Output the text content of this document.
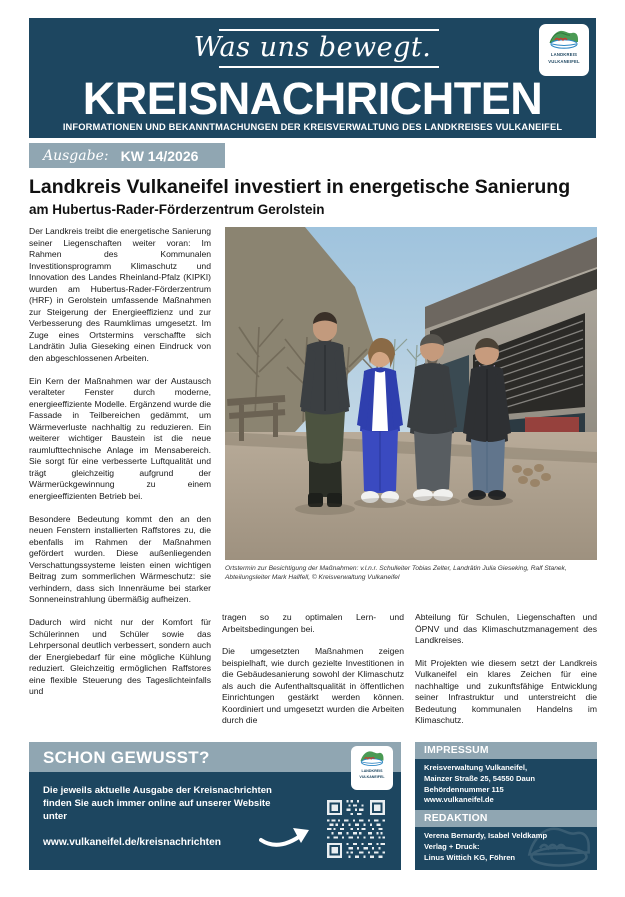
Was uns bewegt.
KREISNACHRICHTEN
INFORMATIONEN UND BEKANNTMACHUNGEN DER KREISVERWALTUNG DES LANDKREISES VULKANEIFEL
LANDKREIS
VULKANEIFEL
Ausgabe: KW 14/2026
Landkreis Vulkaneifel investiert in energetische Sanierung
am Hubertus-Rader-Förderzentrum Gerolstein
Ortstermin zur Besichtigung der Maßnahmen: v.l.n.r. Schulleiter Tobias Zelter, Landrätin Julia Gieseking, Ralf Stanek, Abteilungsleiter Mark Hallfell, © Kreisverwaltung Vulkaneifel

Der Landkreis treibt die energetische Sanierung seiner Liegenschaften weiter voran: Im Rahmen des Kommunalen Investitionsprogramm Klimaschutz und Innovation des Landes Rheinland-Pfalz (KIPKI) wurden am Hubertus-Rader-Förderzentrum (HRF) in Gerolstein umfassende Maßnahmen zur Steigerung der Energieeffizienz und zur Verbesserung des Raumklimas umgesetzt. Im Zuge eines Ortstermins verschaffte sich Landrätin Julia Gieseking einen Eindruck von den abgeschlossenen Arbeiten.

Ein Kern der Maßnahmen war der Austausch veralteter Fenster durch moderne, energieeffiziente Modelle. Ergänzend wurde die Fassade in Teilbereichen gedämmt, um Wärmeverluste nachhaltig zu reduzieren. Ein weiterer wichtiger Baustein ist die neue raumlufttechnische Anlage im Mensabereich. Sie sorgt für eine verbesserte Luftqualität und trägt gleichzeitig aufgrund der Wärmerückgewinnung zu einem energieeffizienten Betrieb bei.

Besondere Bedeutung kommt den an den neuen Fenstern installierten Raffstores zu, die ebenfalls im Rahmen der Maßnahmen gefördert wurden. Diese außenliegenden Verschattungssysteme leisten einen wichtigen Beitrag zum sommerlichen Wärmeschutz: sie verhindern, dass sich Innenräume bei starker Sonneneinstrahlung übermäßig aufheizen.

Dadurch wird nicht nur der Komfort für Schülerinnen und Schüler sowie das Lehrpersonal deutlich verbessert, sondern auch der Energiebedarf für eine mögliche Kühlung reduziert. Gleichzeitig ermöglichen Raffstores eine flexible Steuerung des Tageslichteinfalls und

tragen so zu optimalen Lern- und Arbeitsbedingungen bei.

Die umgesetzten Maßnahmen zeigen beispielhaft, wie durch gezielte Investitionen in die Gebäudesanierung sowohl der Klimaschutz als auch die Aufenthaltsqualität in öffentlichen Einrichtungen gestärkt werden können. Koordiniert und umgesetzt wurden die Arbeiten durch die

Abteilung für Schulen, Liegenschaften und ÖPNV und das Klimaschutzmanagement des Landkreises.

Mit Projekten wie diesem setzt der Landkreis Vulkaneifel ein klares Zeichen für eine nachhaltige und zukunftsfähige Entwicklung seiner Infrastruktur und unterstreicht die Bedeutung kommunalen Handelns im Klimaschutz.

SCHON GEWUSST?
LANDKREIS
VULKANEIFEL
Die jeweils aktuelle Ausgabe der Kreisnachrichten finden Sie auch immer online auf unserer Website unter
www.vulkaneifel.de/kreisnachrichten
IMPRESSUM
Kreisverwaltung Vulkaneifel,
Mainzer Straße 25, 54550 Daun
Behördennummer 115
www.vulkaneifel.de
REDAKTION
Verena Bernardy, Isabel Veldkamp
Verlag + Druck:
Linus Wittich KG, Föhren
